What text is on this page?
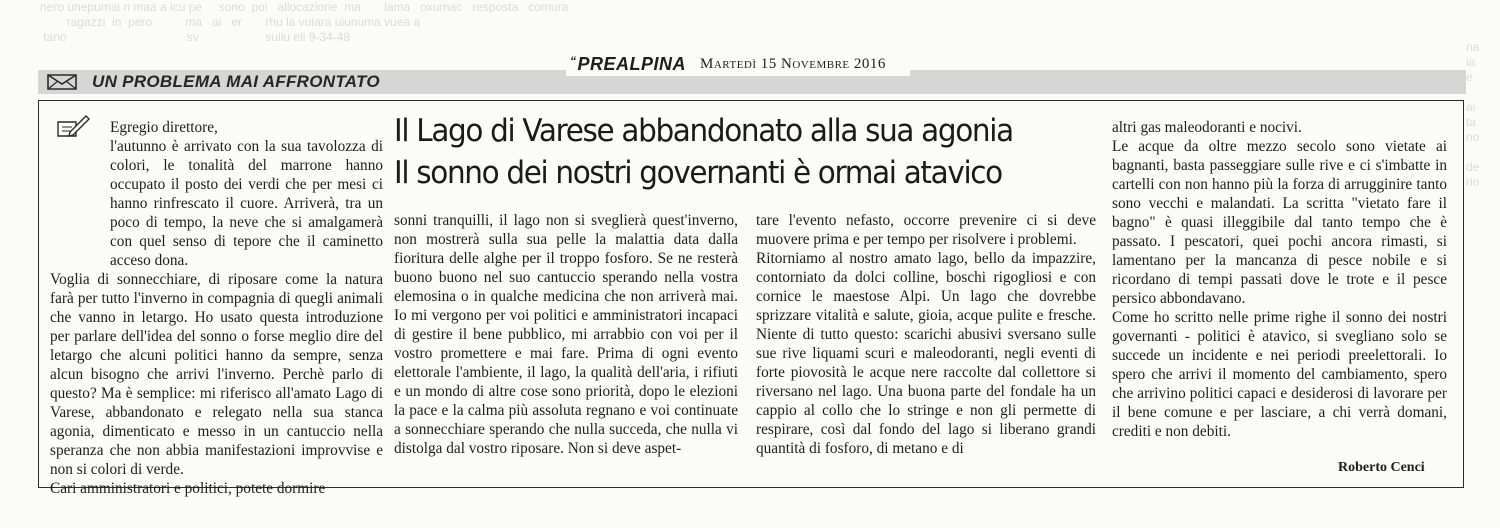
nero unepumai n maa a icu pe  :  sono  poi   allocazione  ma       lama   oxumac   resposta   comura
ragazzi  in  pero          ma   ai   er       rhu la vuiara uiunuma vuea a
tano                                    sv                    suilu eli 9-34-48

na
ia
e

ai
ta
no

de
rio

“ PREALPINA Martedì 15 Novembre 2016
UN PROBLEMA MAI AFFRONTATO
Il Lago di Varese abbandonato alla sua agonia
Il sonno dei nostri governanti è ormai atavico

Egregio direttore,

l'autunno è arrivato con la sua tavolozza di colori, le tonalità del marrone hanno occupato il posto dei verdi che per mesi ci hanno rinfrescato il cuore. Arriverà, tra un poco di tempo, la neve che si amalgamerà con quel senso di tepore che il caminetto acceso dona.

Voglia di sonnecchiare, di riposare come la natura farà per tutto l'inverno in compagnia di quegli animali che vanno in letargo. Ho usato questa introduzione per parlare dell'idea del sonno o forse meglio dire del letargo che alcuni politici hanno da sempre, senza alcun bisogno che arrivi l'inverno. Perchè parlo di questo? Ma è semplice: mi riferisco all'amato Lago di Varese, abbandonato e relegato nella sua stanca agonia, dimenticato e messo in un cantuccio nella speranza che non abbia manifestazioni improvvise e non si colori di verde.

Cari amministratori e politici, potete dormire

sonni tranquilli, il lago non si sveglierà quest'inverno, non mostrerà sulla sua pelle la malattia data dalla fioritura delle alghe per il troppo fosforo. Se ne resterà buono buono nel suo cantuccio sperando nella vostra elemosina o in qualche medicina che non arriverà mai. Io mi vergono per voi politici e amministratori incapaci di gestire il bene pubblico, mi arrabbio con voi per il vostro promettere e mai fare. Prima di ogni evento elettorale l'ambiente, il lago, la qualità dell'aria, i rifiuti e un mondo di altre cose sono priorità, dopo le elezioni la pace e la calma più assoluta regnano e voi continuate a sonnecchiare sperando che nulla succeda, che nulla vi distolga dal vostro riposare. Non si deve aspet-

tare l'evento nefasto, occorre prevenire ci si deve muovere prima e per tempo per risolvere i problemi.

Ritorniamo al nostro amato lago, bello da impazzire, contorniato da dolci colline, boschi rigogliosi e con cornice le maestose Alpi. Un lago che dovrebbe sprizzare vitalità e salute, gioia, acque pulite e fresche. Niente di tutto questo: scarichi abusivi sversano sulle sue rive liquami scuri e maleodoranti, negli eventi di forte piovosità le acque nere raccolte dal collettore si riversano nel lago. Una buona parte del fondale ha un cappio al collo che lo stringe e non gli permette di respirare, così dal fondo del lago si liberano grandi quantità di fosforo, di metano e di

altri gas maleodoranti e nocivi.

Le acque da oltre mezzo secolo sono vietate ai bagnanti, basta passeggiare sulle rive e ci s'imbatte in cartelli con non hanno più la forza di arrugginire tanto sono vecchi e malandati. La scritta "vietato fare il bagno" è quasi illeggibile dal tanto tempo che è passato. I pescatori, quei pochi ancora rimasti, si lamentano per la mancanza di pesce nobile e si ricordano di tempi passati dove le trote e il pesce persico abbondavano.

Come ho scritto nelle prime righe il sonno dei nostri governanti - politici è atavico, si svegliano solo se succede un incidente e nei periodi preelettorali. Io spero che arrivi il momento del cambiamento, spero che arrivino politici capaci e desiderosi di lavorare per il bene comune e per lasciare, a chi verrà domani, crediti e non debiti.

Roberto Cenci
